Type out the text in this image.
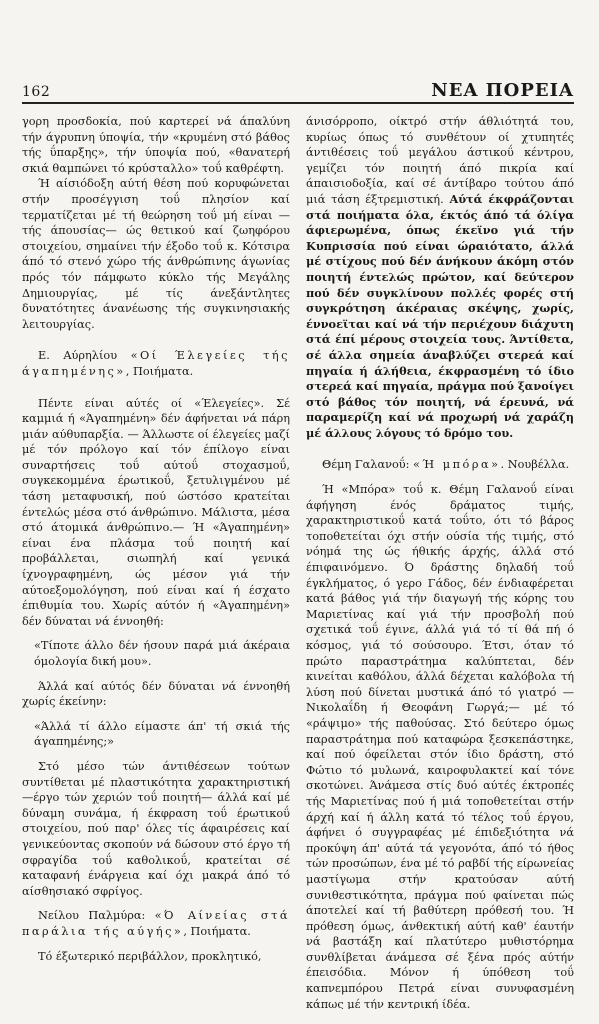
162	ΝΕΑ ΠΟΡΕΙΑ

γορη προσδοκία, πού καρτερεί νά άπαλύνη τήν άγρυπνη ύποψία, τήν «κρυμένη στό βάθος τής ΰπαρξης», τήν ύποψία πού, «θανατερή σκιά θαμπώνει τό κρύσταλλο» τοΰ καθρέφτη.

Ή αίσιόδοξη αύτή θέση πού κορυφώνεται στήν προσέγγιση τοΰ πλησίον καί τερματίζεται μέ τή θεώρηση τοΰ μή είναι —τής άπουσίας— ώς θετικού καί ζωηφόρου στοιχείου, σημαίνει τήν έξοδο τοΰ κ. Κότσιρα άπό τό στενό χώρο τής άνθρώπινης άγωνίας πρός τόν πάμφωτο κύκλο τής Μεγάλης Δημιουργίας, μέ τίς άνεξάντλητες δυνατότητες άνανέωσης τής συγκινησιακής λειτουργίας.

Ε. Αύρηλίου «Οί Έλεγείες τής άγαπημένης», Ποιήματα.

Πέντε είναι αύτές οί «Έλεγείες». Σέ καμμιά ή «Άγαπημένη» δέν άφήνεται νά πάρη μιάν αύθυπαρξία. — Άλλωστε οί έλεγείες μαζί μέ τόν πρόλογο καί τόν έπίλογο είναι συναρτήσεις τοΰ αύτοΰ στοχασμοΰ, συγκεκομμένα έρωτικοΰ, ξετυλιγμένου μέ τάση μεταφυσική, πού ώστόσο κρατείται έντελώς μέσα στό άνθρώπινο. Μάλιστα, μέσα στό άτομικά άνθρώπινο.— Ή «Άγαπημένη» είναι ένα πλάσμα τοΰ ποιητή καί προβάλλεται, σιωπηλή καί γενικά ίχνογραφημένη, ώς μέσον γιά τήν αύτοεξομολόγηση, πού είναι καί ή έσχατο έπιθυμία του. Χωρίς αύτόν ή «Άγαπημένη» δέν δύναται νά έννοηθή:

«Τίποτε άλλο δέν ήσουν παρά μιά άκέραια όμολογία δική μου».

Άλλά καί αύτός δέν δύναται νά έννοηθή χωρίς έκείνην:

«Άλλά τί άλλο είμαστε άπ' τή σκιά τής άγαπημένης;»

Στό μέσο τών άντιθέσεων τούτων συντίθεται μέ πλαστικότητα χαρακτηριστική —έργο τών χεριών τοΰ ποιητή— άλλά καί μέ δύναμη συνάμα, ή έκφραση τοΰ έρωτικοΰ στοιχείου, πού παρ' όλες τίς άφαιρέσεις καί γενικεύοντας σκοπούν νά δώσουν στό έργο τή σφραγίδα τοΰ καθολικοΰ, κρατείται σέ καταφανή ένάργεια καί όχι μακρά άπό τό αίσθησιακό σφρίγος.

Νείλου Παλμύρα: «Ό Αίνείας στά παράλια τής αύγής», Ποιήματα.

Τό έξωτερικό περιβάλλον, προκλητικό,

άνισόρροπο, οίκτρό στήν άθλιότητά του, κυρίως όπως τό συνθέτουν οί χτυπητές άντιθέσεις τοΰ μεγάλου άστικοΰ κέντρου, γεμίζει τόν ποιητή άπό πικρία καί άπαισιοδοξία, καί σέ άντίβαρο τούτου άπό μιά τάση έξτρεμιστική. Αύτά έκφράζονται στά ποιήματα όλα, έκτός άπό τά όλίγα άφιερωμένα, όπως έκεϊνο γιά τήν Κυπρισσία πού είναι ώραιότατο, άλλά μέ στίχους πού δέν άνήκουν άκόμη στόν ποιητή έντελώς πρώτον, καί δεύτερον πού δέν συγκλίνουν πολλές φορές στή συγκρότηση άκέραιας σκέψης, χωρίς, έννοεϊται καί νά τήν περιέχουν διάχυτη στά έπί μέρους στοιχεία τους. Άντίθετα, σέ άλλα σημεία άναβλύζει στερεά καί πηγαία ή άλήθεια, έκφρασμένη τό ίδιο στερεά καί πηγαία, πράγμα πού ξανοίγει στό βάθος τόν ποιητή, νά έρευνά, νά παραμερίζη καί νά προχωρή νά χαράζη μέ άλλους λόγους τό δρόμο του.

Θέμη Γαλανοΰ: «Ή μπόρα». Νουβέλλα.

Ή «Μπόρα» τοΰ κ. Θέμη Γαλανοΰ είναι άφήγηση ένός δράματος τιμής, χαρακτηριστικοΰ κατά τοΰτο, ότι τό βάρος τοποθετείται όχι στήν ούσία τής τιμής, στό νόημά της ώς ήθικής άρχής, άλλά στό έπιφαινόμενο. Ό δράστης δηλαδή τοΰ έγκλήματος, ό γερο Γάδος, δέν ένδιαφέρεται κατά βάθος γιά τήν διαγωγή τής κόρης του Μαριετίνας καί γιά τήν προσβολή πού σχετικά τοΰ έγινε, άλλά γιά τό τί θά πή ό κόσμος, γιά τό σούσουρο. Έτσι, όταν τό πρώτο παραστράτημα καλύπτεται, δέν κινείται καθόλου, άλλά δέχεται καλόβολα τή λύση πού δίνεται μυστικά άπό τό γιατρό —Νικολαΐδη ή Θεοφάνη Γωργά;— μέ τό «ράψιμο» τής παθούσας. Στό δεύτερο όμως παραστράτημα πού καταφώρα ξεσκεπάστηκε, καί πού όφείλεται στόν ίδιο δράστη, στό Φώτιο τό μυλωνά, καιροφυλακτεί καί τόνε σκοτώνει. Άνάμεσα στίς δυό αύτές έκτροπές τής Μαριετίνας πού ή μιά τοποθετείται στήν άρχή καί ή άλλη κατά τό τέλος τοΰ έργου, άφήνει ό συγγραφέας μέ έπιδεξιότητα νά προκύψη άπ' αύτά τά γεγονότα, άπό τό ήθος τών προσώπων, ένα μέ τό ραβδί τής είρωνείας μαστίγωμα στήν κρατούσαν αύτή συνιθεστικότητα, πράγμα πού φαίνεται πώς άποτελεί καί τή βαθύτερη πρόθεσή του. Ή πρόθεση όμως, άνθεκτική αύτή καθ' έαυτήν νά βαστάξη καί πλατύτερο μυθιστόρημα συνθλίβεται άνάμεσα σέ ξένα πρός αύτήν έπεισόδια. Μόνον ή ύπόθεση τοΰ καπνεμπόρου Πετρά είναι συνυφασμένη κάπως μέ τήν κεντρική ίδέα.
